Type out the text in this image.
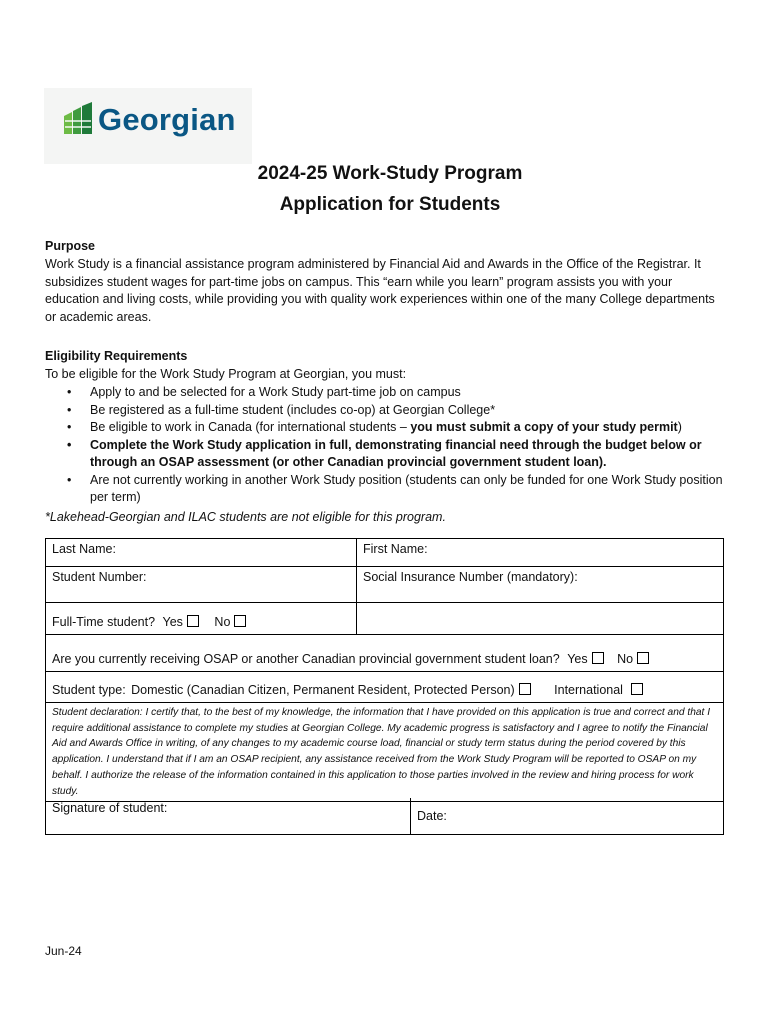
Georgian
2024-25 Work-Study Program
Application for Students
Purpose
Work Study is a financial assistance program administered by Financial Aid and Awards in the Office of the Registrar. It subsidizes student wages for part-time jobs on campus. This “earn while you learn” program assists you with your education and living costs, while providing you with quality work experiences within one of the many College departments or academic areas.
Eligibility Requirements
To be eligible for the Work Study Program at Georgian, you must:
• Apply to and be selected for a Work Study part-time job on campus
• Be registered as a full-time student (includes co-op) at Georgian College*
• Be eligible to work in Canada (for international students – you must submit a copy of your study permit)
• Complete the Work Study application in full, demonstrating financial need through the budget below or through an OSAP assessment (or other Canadian provincial government student loan).
• Are not currently working in another Work Study position (students can only be funded for one Work Study position per term)
*Lakehead-Georgian and ILAC students are not eligible for this program.
Last Name:	First Name:
Student Number:	Social Insurance Number (mandatory):
Full-Time student? Yes No	
Are you currently receiving OSAP or another Canadian provincial government student loan? Yes No	
Student type: Domestic (Canadian Citizen, Permanent Resident, Protected Person) International	
Student declaration: I certify that, to the best of my knowledge, the information that I have provided on this application is true and correct and that I require additional assistance to complete my studies at Georgian College. My academic progress is satisfactory and I agree to notify the Financial Aid and Awards Office in writing, of any changes to my academic course load, financial or study term status during the period covered by this application. I understand that if I am an OSAP recipient, any assistance received from the Work Study Program will be reported to OSAP on my behalf. I authorize the release of the information contained in this application to those parties involved in the review and hiring process for work study.	
Signature of student:	Date:
Jun-24
